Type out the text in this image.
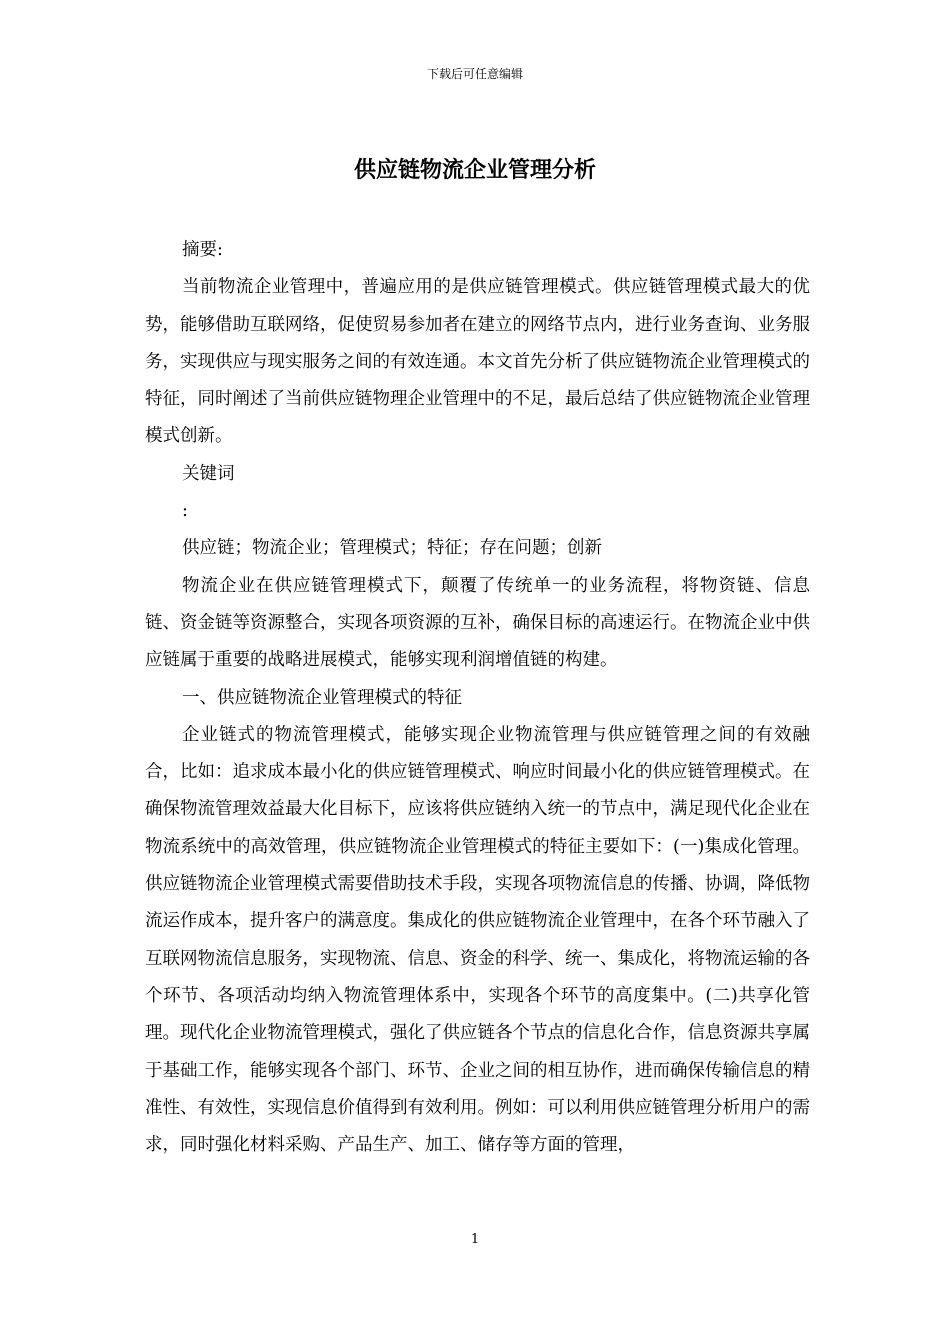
下载后可任意编辑
供应链物流企业管理分析

摘要:

当前物流企业管理中，普遍应用的是供应链管理模式。供应链管理模式最大的优势，能够借助互联网络，促使贸易参加者在建立的网络节点内，进行业务查询、业务服务，实现供应与现实服务之间的有效连通。本文首先分析了供应链物流企业管理模式的特征，同时阐述了当前供应链物理企业管理中的不足，最后总结了供应链物流企业管理模式创新。

关键词

:

供应链；物流企业；管理模式；特征；存在问题；创新

物流企业在供应链管理模式下，颠覆了传统单一的业务流程，将物资链、信息链、资金链等资源整合，实现各项资源的互补，确保目标的高速运行。在物流企业中供应链属于重要的战略进展模式，能够实现利润增值链的构建。

一、供应链物流企业管理模式的特征

企业链式的物流管理模式，能够实现企业物流管理与供应链管理之间的有效融合，比如：追求成本最小化的供应链管理模式、响应时间最小化的供应链管理模式。在确保物流管理效益最大化目标下，应该将供应链纳入统一的节点中，满足现代化企业在物流系统中的高效管理，供应链物流企业管理模式的特征主要如下：(一)集成化管理。供应链物流企业管理模式需要借助技术手段，实现各项物流信息的传播、协调，降低物流运作成本，提升客户的满意度。集成化的供应链物流企业管理中，在各个环节融入了互联网物流信息服务，实现物流、信息、资金的科学、统一、集成化，将物流运输的各个环节、各项活动均纳入物流管理体系中，实现各个环节的高度集中。(二)共享化管理。现代化企业物流管理模式，强化了供应链各个节点的信息化合作，信息资源共享属于基础工作，能够实现各个部门、环节、企业之间的相互协作，进而确保传输信息的精准性、有效性，实现信息价值得到有效利用。例如：可以利用供应链管理分析用户的需求，同时强化材料采购、产品生产、加工、储存等方面的管理，

1
